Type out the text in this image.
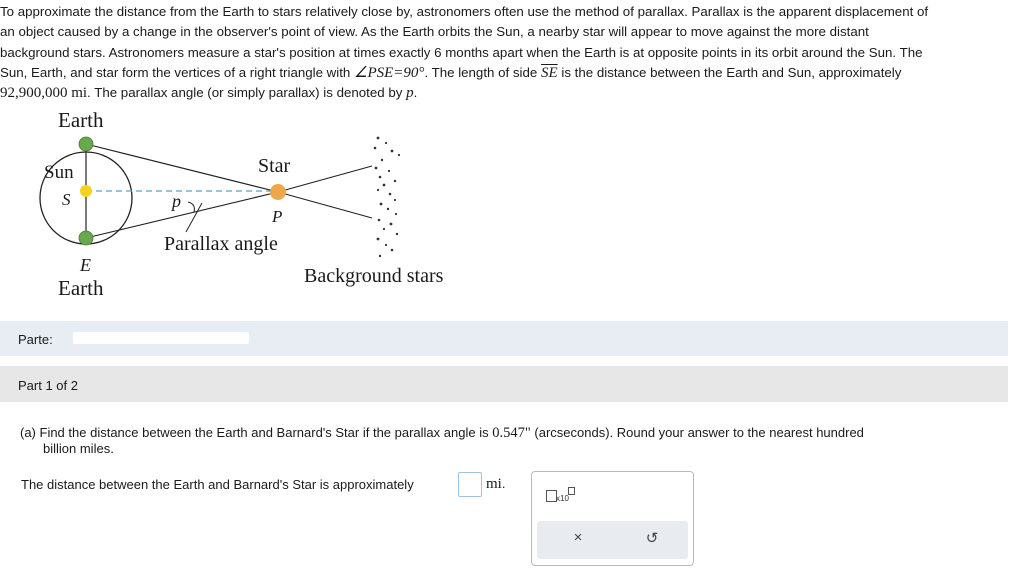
To approximate the distance from the Earth to stars relatively close by, astronomers often use the method of parallax. Parallax is the apparent displacement of
an object caused by a change in the observer's point of view. As the Earth orbits the Sun, a nearby star will appear to move against the more distant
background stars. Astronomers measure a star's position at times exactly 6 months apart when the Earth is at opposite points in its orbit around the Sun. The
Sun, Earth, and star form the vertices of a right triangle with ∠PSE=90°. The length of side $\overline{SE}$ is the distance between the Earth and Sun, approximately
92,900,000 mi. The parallax angle (or simply parallax) is denoted by p.
Earth
Sun
S
Star
p
P
Parallax angle
E
Earth	Background stars
Parte:
Part 1 of 2
(a) Find the distance between the Earth and Barnard's Star if the parallax angle is 0.547" (arcseconds). Round your answer to the nearest hundred
billion miles.
The distance between the Earth and Barnard's Star is approximately	mi.
x10
×	↺
